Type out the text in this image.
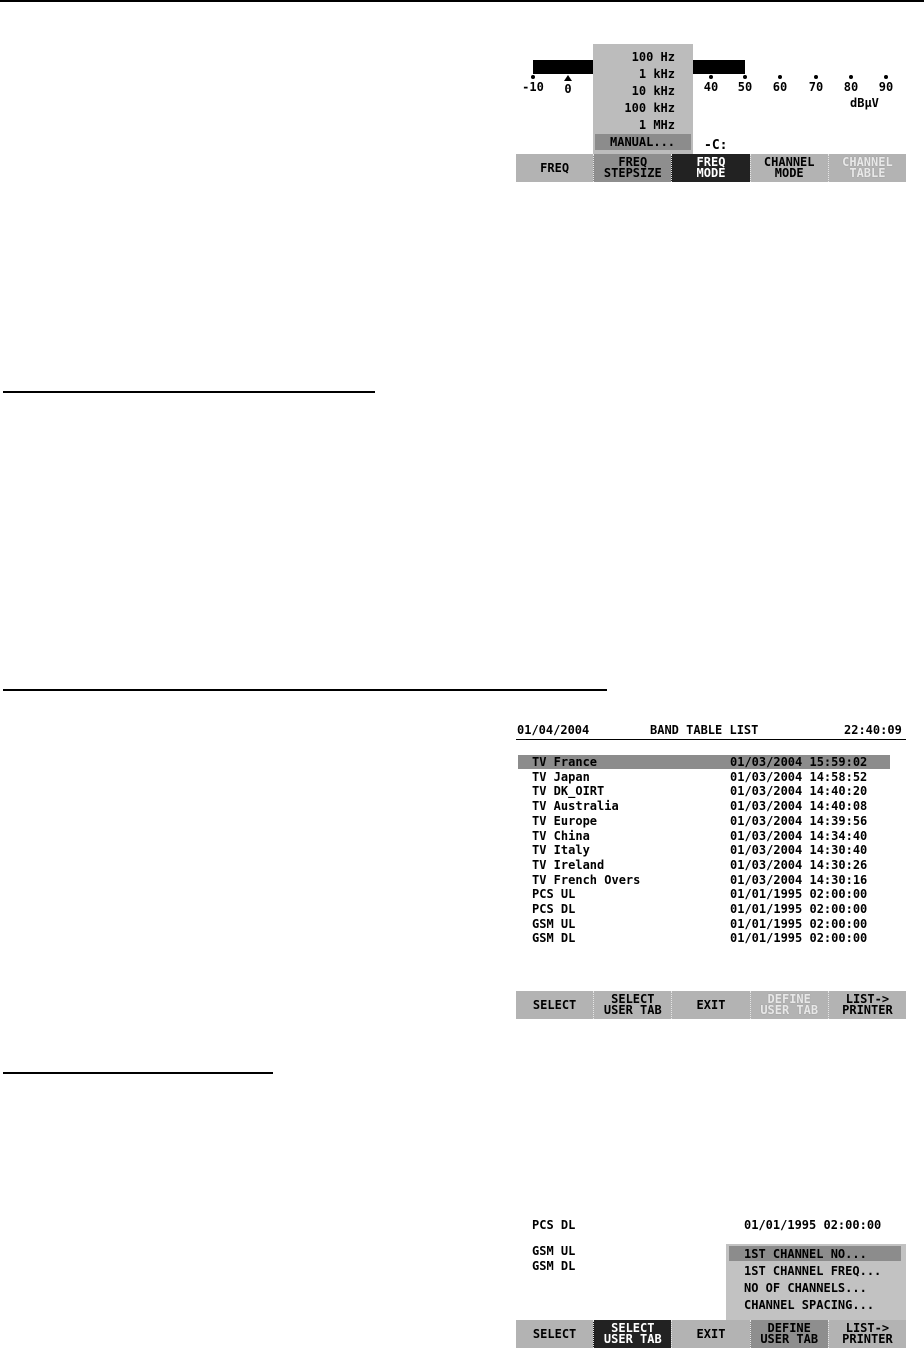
-10	0	40	50	60	70	80	90
dBµV
100 Hz
1 kHz
10 kHz
100 kHz
1 MHz
MANUAL... -C:
FREQ	FREQ
STEPSIZE
FREQ
MODE
CHANNEL
MODE
CHANNEL
TABLE
01/04/2004	BAND TABLE LIST	22:40:09
TV France	01/03/2004 15:59:02
TV Japan	01/03/2004 14:58:52
TV DK_OIRT	01/03/2004 14:40:20
TV Australia	01/03/2004 14:40:08
TV Europe	01/03/2004 14:39:56
TV China	01/03/2004 14:34:40
TV Italy	01/03/2004 14:30:40
TV Ireland	01/03/2004 14:30:26
TV French Overs	01/03/2004 14:30:16
PCS UL	01/01/1995 02:00:00
PCS DL	01/01/1995 02:00:00
GSM UL	01/01/1995 02:00:00
GSM DL	01/01/1995 02:00:00
SELECT	SELECT
USER TAB	EXIT	DEFINE
USER TAB
LIST->
PRINTER
PCS DL	01/01/1995 02:00:00
GSM UL
GSM DL
1ST CHANNEL NO...
1ST CHANNEL FREQ...
NO OF CHANNELS...
CHANNEL SPACING...
SELECT	SELECT
USER TAB	EXIT	DEFINE
USER TAB
LIST->
PRINTER
